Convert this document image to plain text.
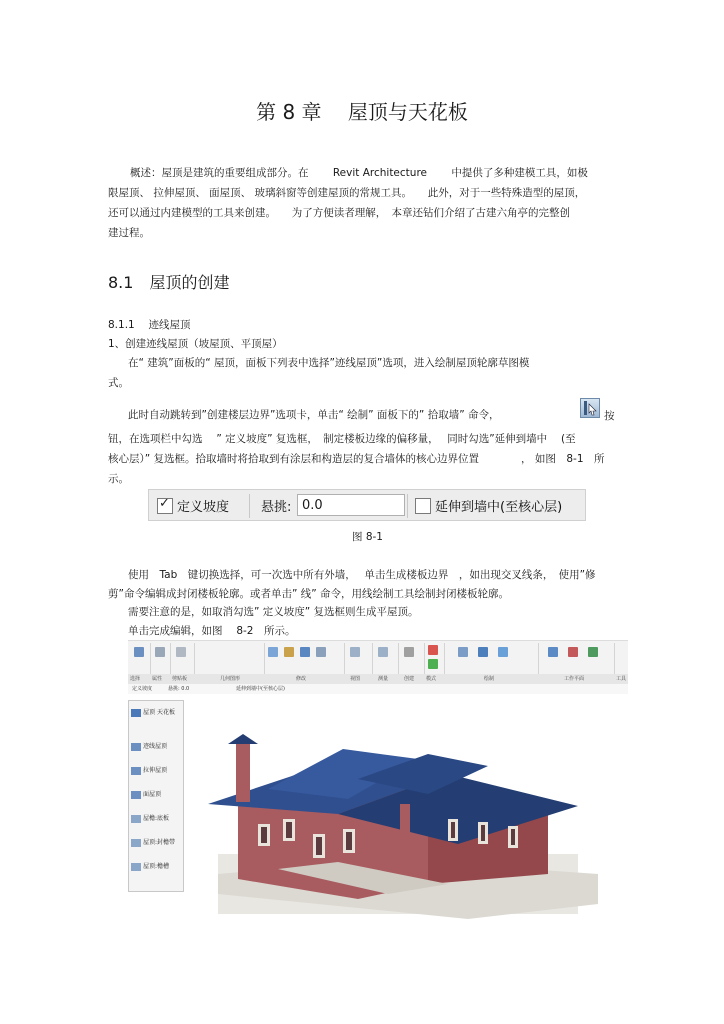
第 8 章　 屋顶与天花板
概述：屋顶是建筑的重要组成部分。在　　 Revit Architecture　　 中提供了多种建模工具，如极
限屋顶、 拉伸屋顶、 面屋顶、 玻璃斜窗等创建屋顶的常规工具。　　此外，对于一些特殊造型的屋顶，
还可以通过内建模型的工具来创建。　　为了方便读者理解，　本章还钻们介绍了古建六角亭的完整创
建过程。
8.1　屋顶的创建
8.1.1　 迹线屋顶
1、创建迹线屋顶（坡屋顶、平顶屋）
在“ 建筑”面板的“ 屋顶，面板下列表中选择”迹线屋顶”选项，进入绘制屋顶轮廓草图模
式。
此时自动跳转到”创建楼层边界”选项卡，单击“ 绘制” 面板下的” 拾取墙” 命令，	按
钮，在选项栏中勾选　 ” 定义坡度” 复选框，　制定楼板边缘的偏移量，　 同时勾选”延伸到墙中　 (至
核心层）” 复选框。拾取墙时将拾取到有涂层和构造层的复合墙体的核心边界位置　　　　， 如图　8-1　所
示。
✓
定义坡度 悬挑: 0.0	延伸到墙中(至核心层)
图 8-1
使用　Tab　键切换选择，可一次选中所有外墙，　 单击生成楼板边界　，如出现交叉线条，　使用”修
剪”命令编辑成封闭楼板轮廓。或者单击” 线” 命令，用线绘制工具绘制封闭楼板轮廓。
需要注意的是，如取消勾选” 定义坡度” 复选框则生成平屋顶。
单击完成编辑，如图　 8-2　所示。
选择 属性 剪贴板	几何图形	修改	视图	测量	创建 模式	绘制	工作平面	工具
定义坡度	悬挑: 0.0	延伸到墙中(至核心层)
屋顶 天花板
迹线屋顶
拉伸屋顶
面屋顶
屋檐:底板
屋顶:封檐带
屋顶:檐槽
